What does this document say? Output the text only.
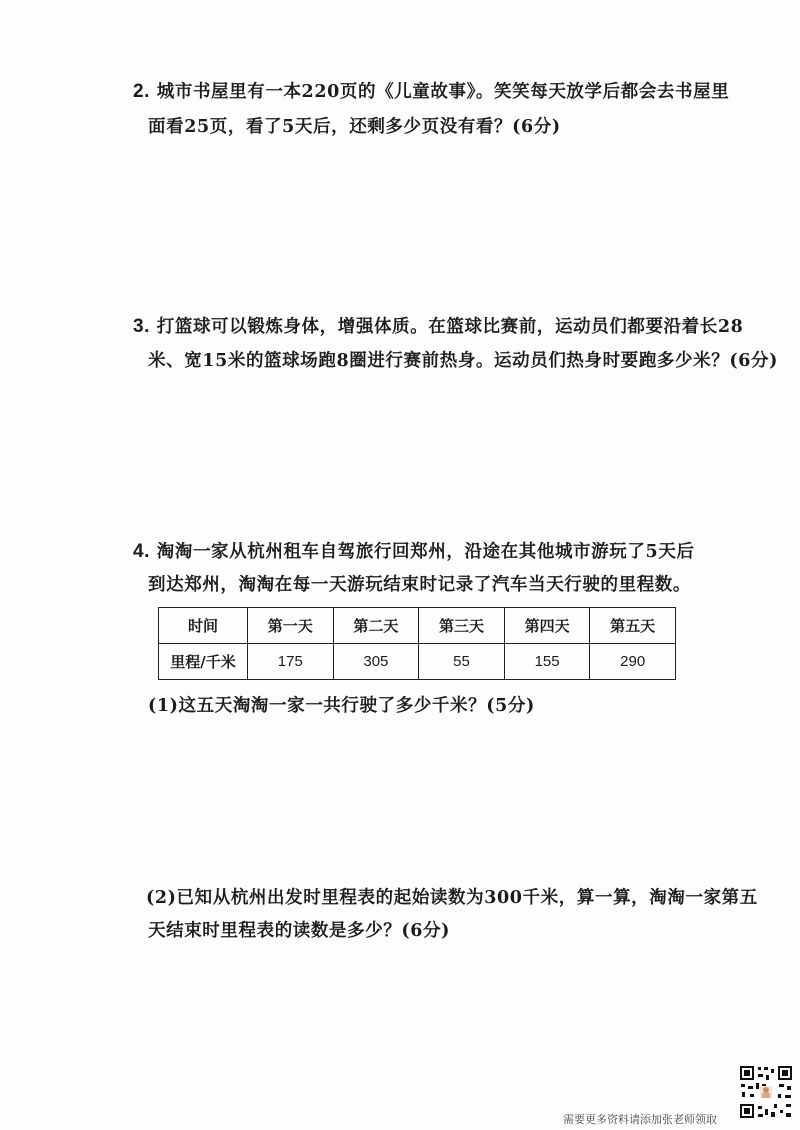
2. 城市书屋里有一本220页的《儿童故事》。笑笑每天放学后都会去书屋里
面看25页，看了5天后，还剩多少页没有看？(6分)
3. 打篮球可以锻炼身体，增强体质。在篮球比赛前，运动员们都要沿着长28
米、宽15米的篮球场跑8圈进行赛前热身。运动员们热身时要跑多少米？(6分)
4. 淘淘一家从杭州租车自驾旅行回郑州，沿途在其他城市游玩了5天后
到达郑州，淘淘在每一天游玩结束时记录了汽车当天行驶的里程数。
时间	第一天	第二天	第三天	第四天	第五天
里程/千米	175	305	55	155	290
(1)这五天淘淘一家一共行驶了多少千米？(5分)
(2)已知从杭州出发时里程表的起始读数为300千米，算一算，淘淘一家第五
天结束时里程表的读数是多少？(6分)
需要更多资料请添加张老师领取
